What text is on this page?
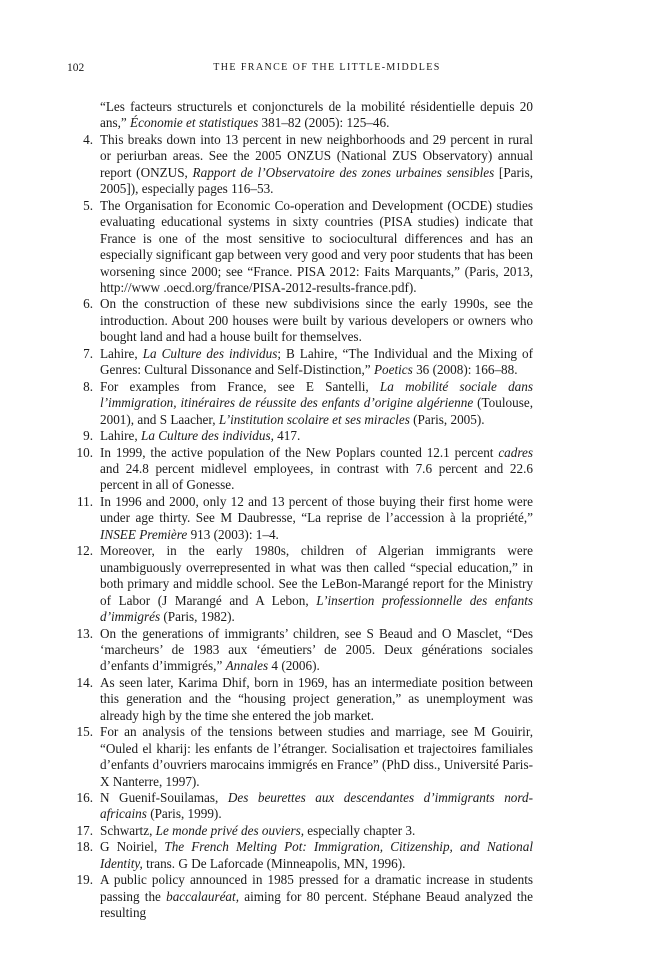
102	THE FRANCE OF THE LITTLE-MIDDLES

“Les facteurs structurels et conjoncturels de la mobilité résidentielle depuis 20 ans,” Économie et statistiques 381–82 (2005): 125–46.

4. This breaks down into 13 percent in new neighborhoods and 29 percent in rural or periurban areas. See the 2005 ONZUS (National ZUS Observatory) annual report (ONZUS, Rapport de l’Observatoire des zones urbaines sensibles [Paris, 2005]), especially pages 116–53.

5. The Organisation for Economic Co-operation and Development (OCDE) studies evaluating educational systems in sixty countries (PISA studies) indicate that France is one of the most sensitive to sociocultural differences and has an especially significant gap between very good and very poor students that has been worsening since 2000; see “France. PISA 2012: Faits Marquants,” (Paris, 2013, http://www .oecd.org/france/PISA-2012-results-france.pdf).

6. On the construction of these new subdivisions since the early 1990s, see the introduction. About 200 houses were built by various developers or owners who bought land and had a house built for themselves.

7. Lahire, La Culture des individus; B Lahire, “The Individual and the Mixing of Genres: Cultural Dissonance and Self-Distinction,” Poetics 36 (2008): 166–88.

8. For examples from France, see E Santelli, La mobilité sociale dans l’immigration, itinéraires de réussite des enfants d’origine algérienne (Toulouse, 2001), and S Laacher, L’institution scolaire et ses miracles (Paris, 2005).

9. Lahire, La Culture des individus, 417.

10. In 1999, the active population of the New Poplars counted 12.1 percent cadres and 24.8 percent midlevel employees, in contrast with 7.6 percent and 22.6 percent in all of Gonesse.

11. In 1996 and 2000, only 12 and 13 percent of those buying their first home were under age thirty. See M Daubresse, “La reprise de l’accession à la propriété,” INSEE Première 913 (2003): 1–4.

12. Moreover, in the early 1980s, children of Algerian immigrants were unambiguously overrepresented in what was then called “special education,” in both primary and middle school. See the LeBon-Marangé report for the Ministry of Labor (J Marangé and A Lebon, L’insertion professionnelle des enfants d’immigrés (Paris, 1982).

13. On the generations of immigrants’ children, see S Beaud and O Masclet, “Des ‘marcheurs’ de 1983 aux ‘émeutiers’ de 2005. Deux générations sociales d’enfants d’immigrés,” Annales 4 (2006).

14. As seen later, Karima Dhif, born in 1969, has an intermediate position between this generation and the “housing project generation,” as unemployment was already high by the time she entered the job market.

15. For an analysis of the tensions between studies and marriage, see M Gouirir, “Ouled el kharij: les enfants de l’étranger. Socialisation et trajectoires familiales d’enfants d’ouvriers marocains immigrés en France” (PhD diss., Université Paris-X Nanterre, 1997).

16. N Guenif-Souilamas, Des beurettes aux descendantes d’immigrants nord-africains (Paris, 1999).

17. Schwartz, Le monde privé des ouviers, especially chapter 3.

18. G Noiriel, The French Melting Pot: Immigration, Citizenship, and National Identity, trans. G De Laforcade (Minneapolis, MN, 1996).

19. A public policy announced in 1985 pressed for a dramatic increase in students passing the baccalauréat, aiming for 80 percent. Stéphane Beaud analyzed the resulting
